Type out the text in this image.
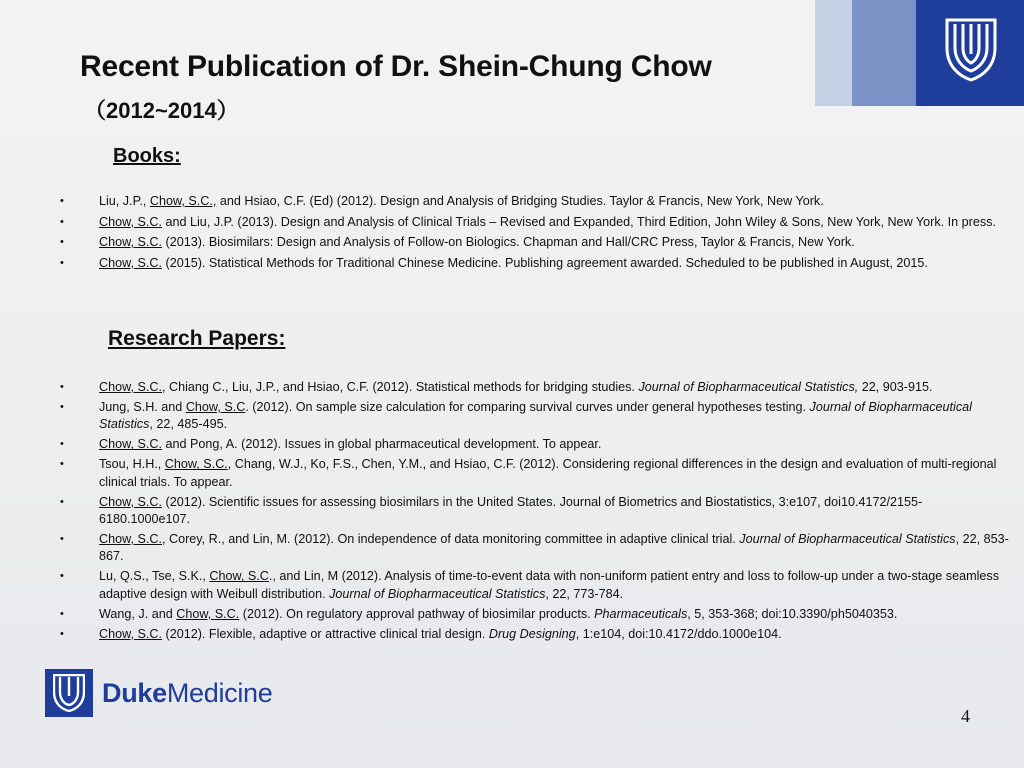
Recent Publication of Dr. Shein-Chung Chow
（2012~2014）
Books:
• Liu, J.P., Chow, S.C., and Hsiao, C.F. (Ed) (2012). Design and Analysis of Bridging Studies. Taylor & Francis, New York, New York.
• Chow, S.C. and Liu, J.P. (2013). Design and Analysis of Clinical Trials – Revised and Expanded, Third Edition, John Wiley & Sons, New York, New York. In press.
• Chow, S.C. (2013). Biosimilars: Design and Analysis of Follow-on Biologics. Chapman and Hall/CRC Press, Taylor & Francis, New York.
• Chow, S.C. (2015). Statistical Methods for Traditional Chinese Medicine. Publishing agreement awarded. Scheduled to be published in August, 2015.
Research Papers:
• Chow, S.C., Chiang C., Liu, J.P., and Hsiao, C.F. (2012). Statistical methods for bridging studies. Journal of Biopharmaceutical Statistics, 22, 903-915.
• Jung, S.H. and Chow, S.C. (2012). On sample size calculation for comparing survival curves under general hypotheses testing. Journal of Biopharmaceutical Statistics, 22, 485-495.
• Chow, S.C. and Pong, A. (2012). Issues in global pharmaceutical development. To appear.
• Tsou, H.H., Chow, S.C., Chang, W.J., Ko, F.S., Chen, Y.M., and Hsiao, C.F. (2012). Considering regional differences in the design and evaluation of multi-regional clinical trials. To appear.
• Chow, S.C. (2012). Scientific issues for assessing biosimilars in the United States. Journal of Biometrics and Biostatistics, 3:e107, doi10.4172/2155-6180.1000e107.
• Chow, S.C., Corey, R., and Lin, M. (2012). On independence of data monitoring committee in adaptive clinical trial. Journal of Biopharmaceutical Statistics, 22, 853-867.
• Lu, Q.S., Tse, S.K., Chow, S.C., and Lin, M (2012). Analysis of time-to-event data with non-uniform patient entry and loss to follow-up under a two-stage seamless adaptive design with Weibull distribution. Journal of Biopharmaceutical Statistics, 22, 773-784.
• Wang, J. and Chow, S.C. (2012). On regulatory approval pathway of biosimilar products. Pharmaceuticals, 5, 353-368; doi:10.3390/ph5040353.
• Chow, S.C. (2012). Flexible, adaptive or attractive clinical trial design. Drug Designing, 1:e104, doi:10.4172/ddo.1000e104.
DukeMedicine
4
